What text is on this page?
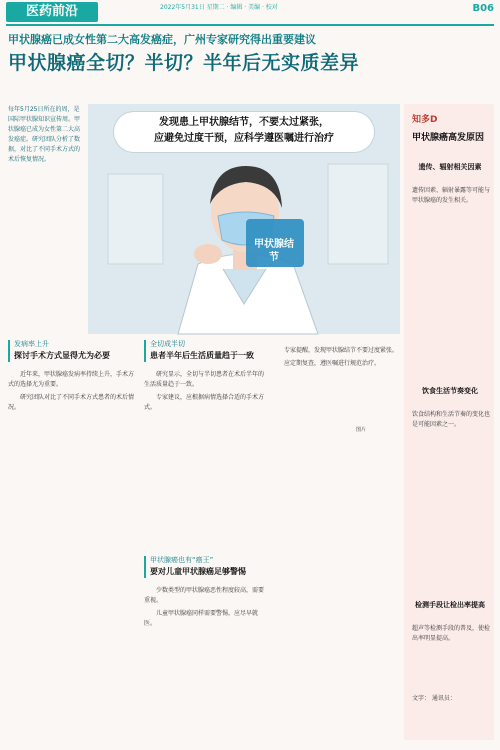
医药前沿	2022年5月31日 星期二 · 编辑 · 美编 · 校对	B06
甲状腺癌已成女性第二大高发癌症，广州专家研究得出重要建议
甲状腺癌全切？半切？半年后无实质差异
每年5月25日所在的周，是国际甲状腺知识宣传周。甲状腺癌已成为女性第二大高发癌症。研究团队分析了数据，对比了不同手术方式的术后恢复情况。
发现患上甲状腺结节，不要太过紧张，
应避免过度干预，应科学遵医嘱进行治疗
甲状腺结节
图片
知多D
甲状腺癌高发原因
遗传、辐射相关因素
遗传因素、辐射暴露等可能与甲状腺癌的发生相关。
饮食生活节奏变化
饮食结构和生活节奏的变化也是可能因素之一。
检测手段让检出率提高
超声等检测手段的普及，使检出率明显提高。
文字： 通讯员：
发病率上升
探讨手术方式显得尤为必要

近年来，甲状腺癌发病率持续上升，手术方式的选择尤为重要。

研究团队对比了不同手术方式患者的术后情况。

全切成半切
患者半年后生活质量趋于一致

研究显示，全切与半切患者在术后半年的生活质量趋于一致。

专家建议，应根据病情选择合适的手术方式。

甲状腺癌也有“癌王”
要对儿童甲状腺癌足够警惕

少数类型的甲状腺癌恶性程度较高，需要重视。

儿童甲状腺癌同样需要警惕，应尽早就医。

专家提醒，发现甲状腺结节不要过度紧张。

应定期复查，遵医嘱进行规范治疗。
